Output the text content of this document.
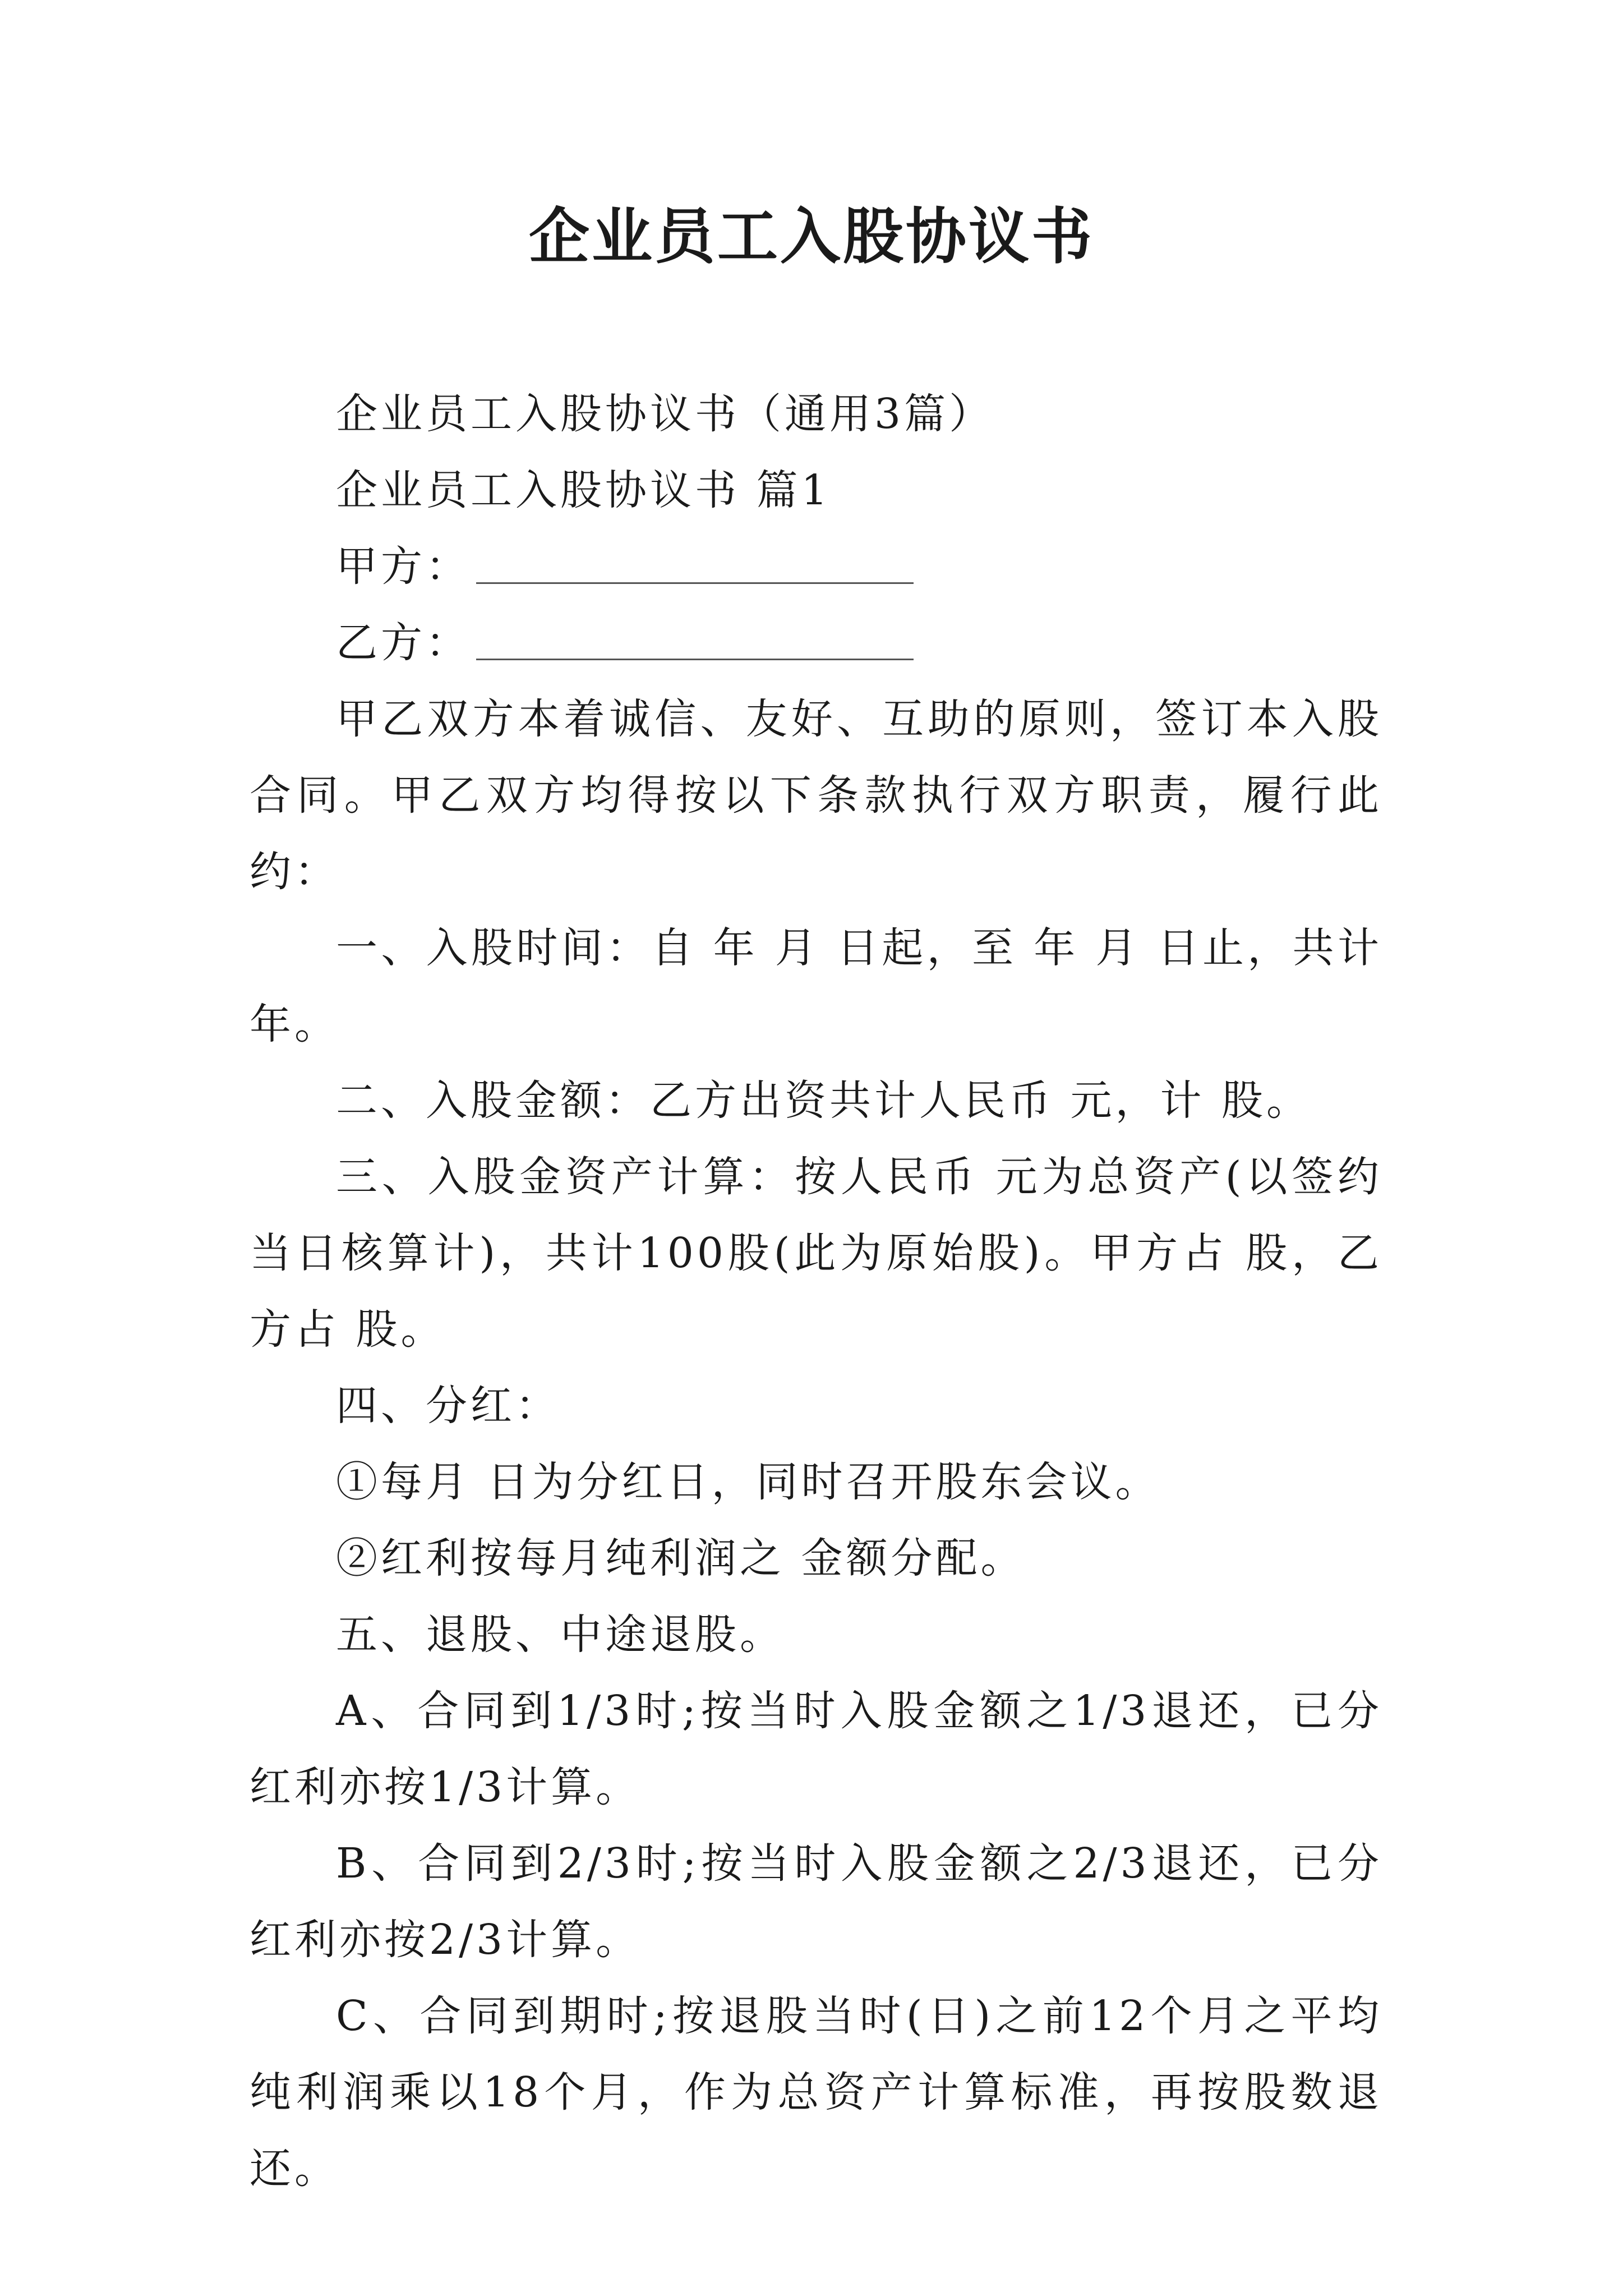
企业员工入股协议书
企业员工入股协议书（通用3篇）
企业员工入股协议书 篇1
甲方：
乙方：
甲乙双方本着诚信、友好、互助的原则，签订本入股合同。甲乙双方均得按以下条款执行双方职责，履行此约：
一、入股时间：自 年 月 日起，至 年 月 日止，共计 年。
二、入股金额：乙方出资共计人民币 元，计 股。
三、入股金资产计算：按人民币 元为总资产(以签约当日核算计)，共计100股(此为原始股)。甲方占 股，乙方占 股。
四、分红：
①每月 日为分红日，同时召开股东会议。
②红利按每月纯利润之 金额分配。
五、退股、中途退股。
A、合同到1/3时;按当时入股金额之1/3退还，已分红利亦按1/3计算。
B、合同到2/3时;按当时入股金额之2/3退还，已分红利亦按2/3计算。
C、合同到期时;按退股当时(日)之前12个月之平均纯利润乘以18个月，作为总资产计算标准，再按股数退还。
